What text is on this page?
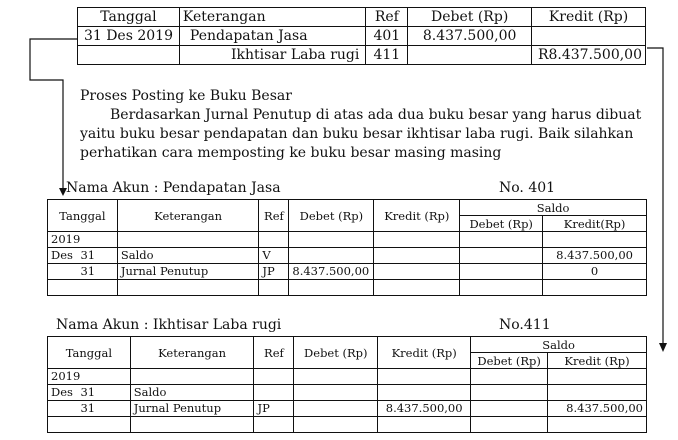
Tanggal	Keterangan	Ref	Debet (Rp)	Kredit (Rp)
31 Des 2019	Pendapatan Jasa	401	8.437.500,00	
	Ikhtisar Laba rugi	411		R8.437.500,00
Proses Posting ke Buku Besar
Berdasarkan Jurnal Penutup di atas ada dua buku besar yang harus dibuat
yaitu buku besar pendapatan dan buku besar ikhtisar laba rugi. Baik silahkan
perhatikan cara memposting ke buku besar masing masing
Nama Akun : Pendapatan Jasa	No. 401
Tanggal		Keterangan	Ref	Debet (Rp)	Kredit (Rp)	Saldo	
						Debet (Rp)	Kredit(Rp)
2019							
Des	31	Saldo	V				8.437.500,00
	31	Jurnal Penutup	JP	8.437.500,00			0

Nama Akun : Ikhtisar Laba rugi	No.411
Tanggal		Keterangan	Ref	Debet (Rp)	Kredit (Rp)	Saldo	
						Debet (Rp)	Kredit (Rp)
2019							
Des	31	Saldo					
	31	Jurnal Penutup	JP		8.437.500,00		8.437.500,00
